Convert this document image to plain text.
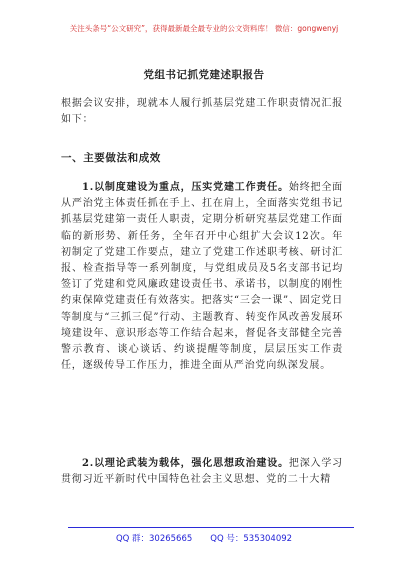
关注头条号“公文研究”，获得最新最全最专业的公文资料库！ 微信：gongwenyj
党组书记抓党建述职报告

根据会议安排，现就本人履行抓基层党建工作职责情况汇报如下：

一、主要做法和成效

1.以制度建设为重点，压实党建工作责任。始终把全面从严治党主体责任抓在手上、扛在肩上，全面落实党组书记抓基层党建第一责任人职责，定期分析研究基层党建工作面临的新形势、新任务，全年召开中心组扩大会议12次。年初制定了党建工作要点，建立了党建工作述职考核、研讨汇报、检查指导等一系列制度，与党组成员及5名支部书记均签订了党建和党风廉政建设责任书、承诺书，以制度的刚性约束保障党建责任有效落实。把落实“三会一课”、固定党日等制度与“三抓三促”行动、主题教育、转变作风改善发展环境建设年、意识形态等工作结合起来，督促各支部健全完善警示教育、谈心谈话、约谈提醒等制度，层层压实工作责任，逐级传导工作压力，推进全面从严治党向纵深发展。

2.以理论武装为载体，强化思想政治建设。把深入学习贯彻习近平新时代中国特色社会主义思想、党的二十大精

QQ 群：30265665 QQ 号：535304092
